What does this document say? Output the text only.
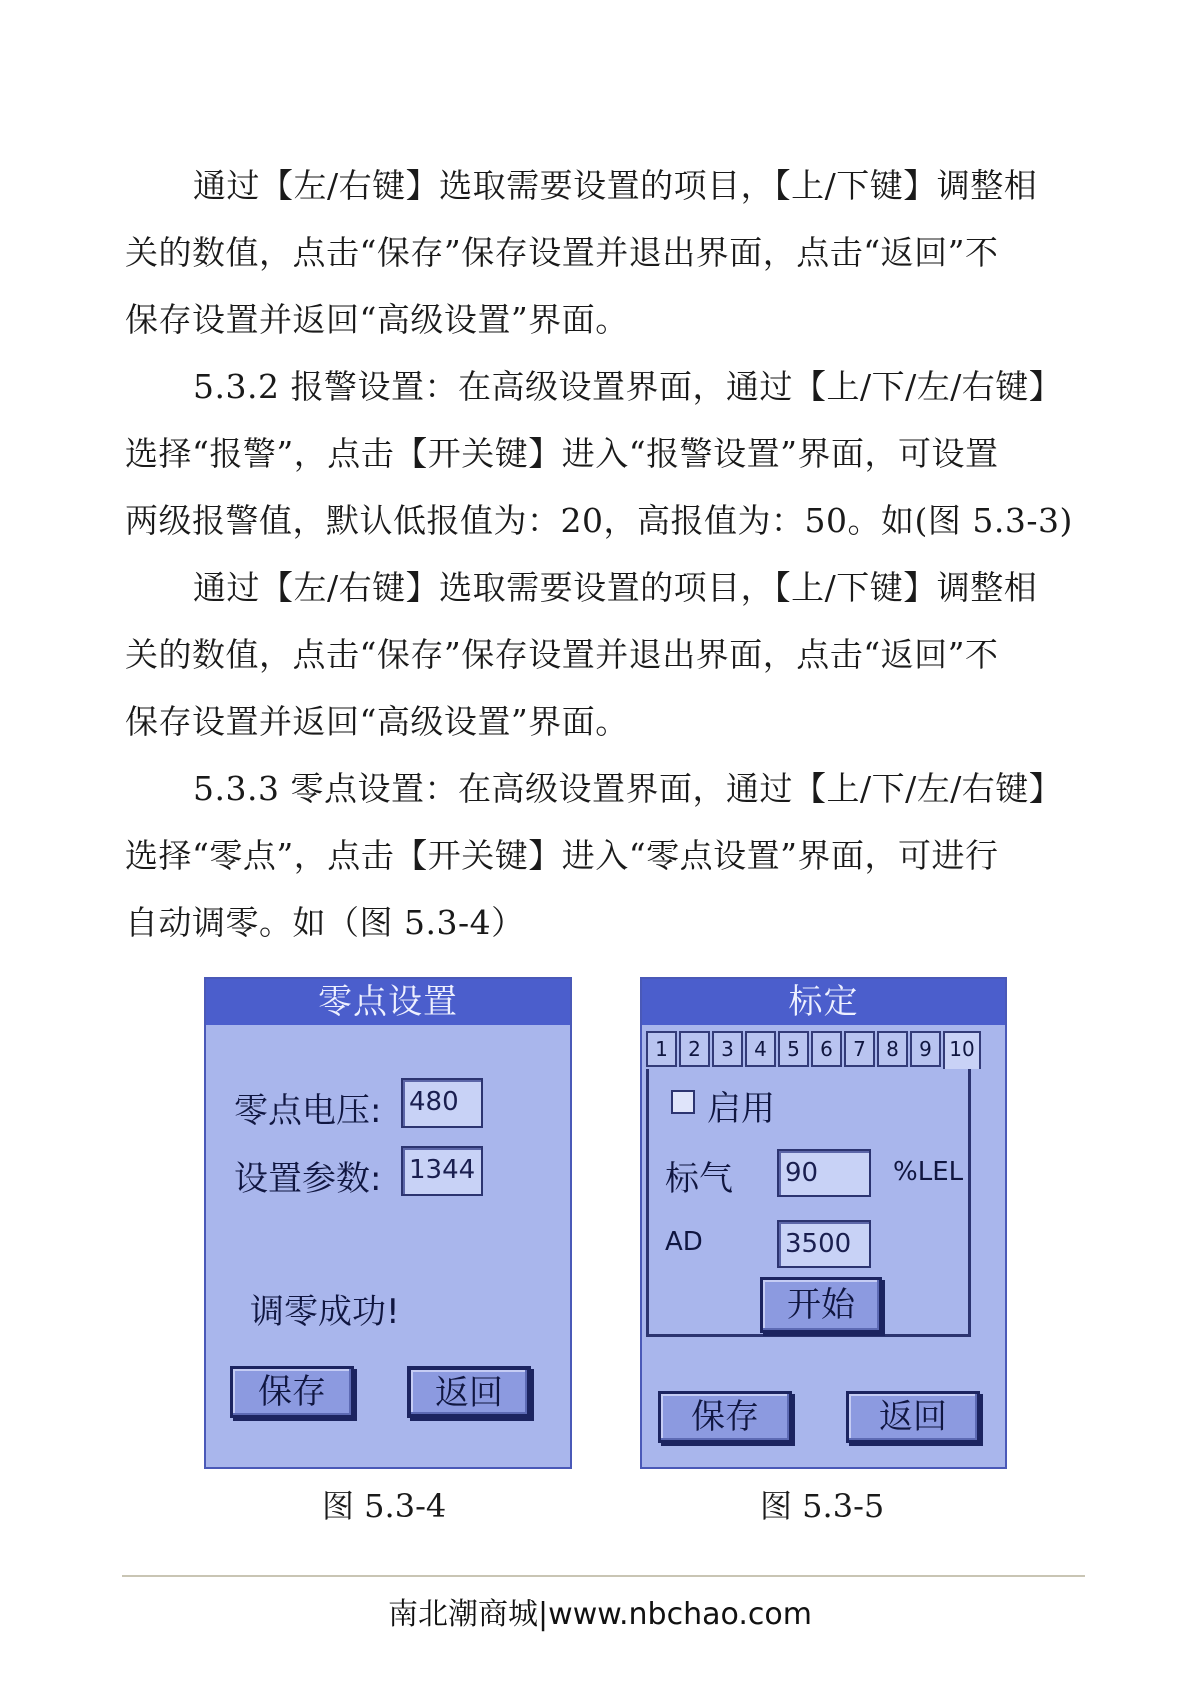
通过【左/右键】选取需要设置的项目，【上/下键】调整相
关的数值，点击“保存”保存设置并退出界面，点击“返回”不
保存设置并返回“高级设置”界面。
5.3.2 报警设置：在高级设置界面，通过【上/下/左/右键】
选择“报警”，点击【开关键】进入“报警设置”界面，可设置
两级报警值，默认低报值为：20，高报值为：50。如(图 5.3-3)
通过【左/右键】选取需要设置的项目，【上/下键】调整相
关的数值，点击“保存”保存设置并退出界面，点击“返回”不
保存设置并返回“高级设置”界面。
5.3.3 零点设置：在高级设置界面，通过【上/下/左/右键】
选择“零点”，点击【开关键】进入“零点设置”界面，可进行
自动调零。如（图 5.3-4）
零点设置
零点电压:	480
设置参数:	1344
调零成功!
保存	返回
图 5.3-4
标定
1	2	3	4	5	6	7	8	9 10
启用
标气	90	%LEL
AD	3500
开始
保存	返回
图 5.3-5
南北潮商城|www.nbchao.com
